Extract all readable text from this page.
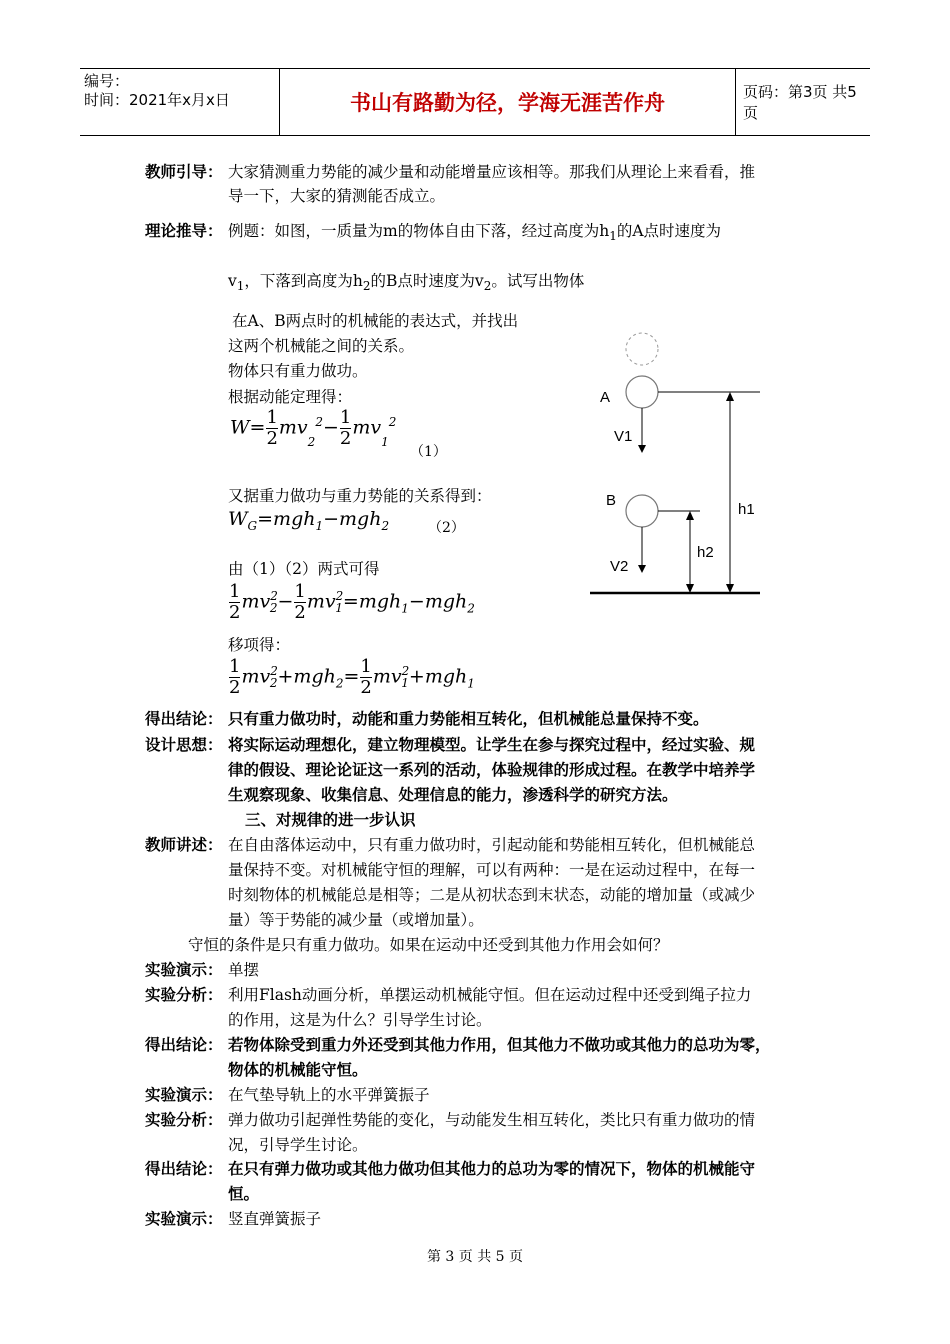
编号：
时间：2021年x月x日	书山有路勤为径，学海无涯苦作舟	页码：第3页 共5页
教师引导： 大家猜测重力势能的减少量和动能增量应该相等。那我们从理论上来看看，推
导一下，大家的猜测能否成立。
理论推导： 例题：如图，一质量为m的物体自由下落，经过高度为$h_1$的A点时速度为
$v_1$，下落到高度为$h_2$的B点时速度为$v_2$。试写出物体
在A、B两点时的机械能的表达式，并找出
这两个机械能之间的关系。
物体只有重力做功。
根据动能定理得：
$W= \frac{1}{2} mv_2^2- \frac{1}{2} mv_1^2$
（1）
又据重力做功与重力势能的关系得到：
$W_G=mgh_1-mgh_2$	（2）
由（1）（2）两式可得
$\frac{1}{2} mv^2_2- \frac{1}{2} mv^2_1=mgh_1-mgh_2$
移项得：
$\frac{1}{2} mv^2_2+mgh_2= \frac{1}{2} mv^2_1+mgh_1$
A
V1
B
V2
h1
h2
得出结论： 只有重力做功时，动能和重力势能相互转化，但机械能总量保持不变。
设计思想： 将实际运动理想化，建立物理模型。让学生在参与探究过程中，经过实验、规
律的假设、理论论证这一系列的活动，体验规律的形成过程。在教学中培养学
生观察现象、收集信息、处理信息的能力，渗透科学的研究方法。
三、对规律的进一步认识
教师讲述： 在自由落体运动中，只有重力做功时，引起动能和势能相互转化，但机械能总
量保持不变。对机械能守恒的理解，可以有两种：一是在运动过程中，在每一
时刻物体的机械能总是相等；二是从初状态到末状态，动能的增加量（或减少
量）等于势能的减少量（或增加量）。
守恒的条件是只有重力做功。如果在运动中还受到其他力作用会如何？
实验演示： 单摆
实验分析： 利用Flash动画分析，单摆运动机械能守恒。但在运动过程中还受到绳子拉力
的作用，这是为什么？引导学生讨论。
得出结论： 若物体除受到重力外还受到其他力作用，但其他力不做功或其他力的总功为零，
物体的机械能守恒。
实验演示： 在气垫导轨上的水平弹簧振子
实验分析： 弹力做功引起弹性势能的变化，与动能发生相互转化，类比只有重力做功的情
况，引导学生讨论。
得出结论： 在只有弹力做功或其他力做功但其他力的总功为零的情况下，物体的机械能守
恒。
实验演示： 竖直弹簧振子
第 3 页 共 5 页
